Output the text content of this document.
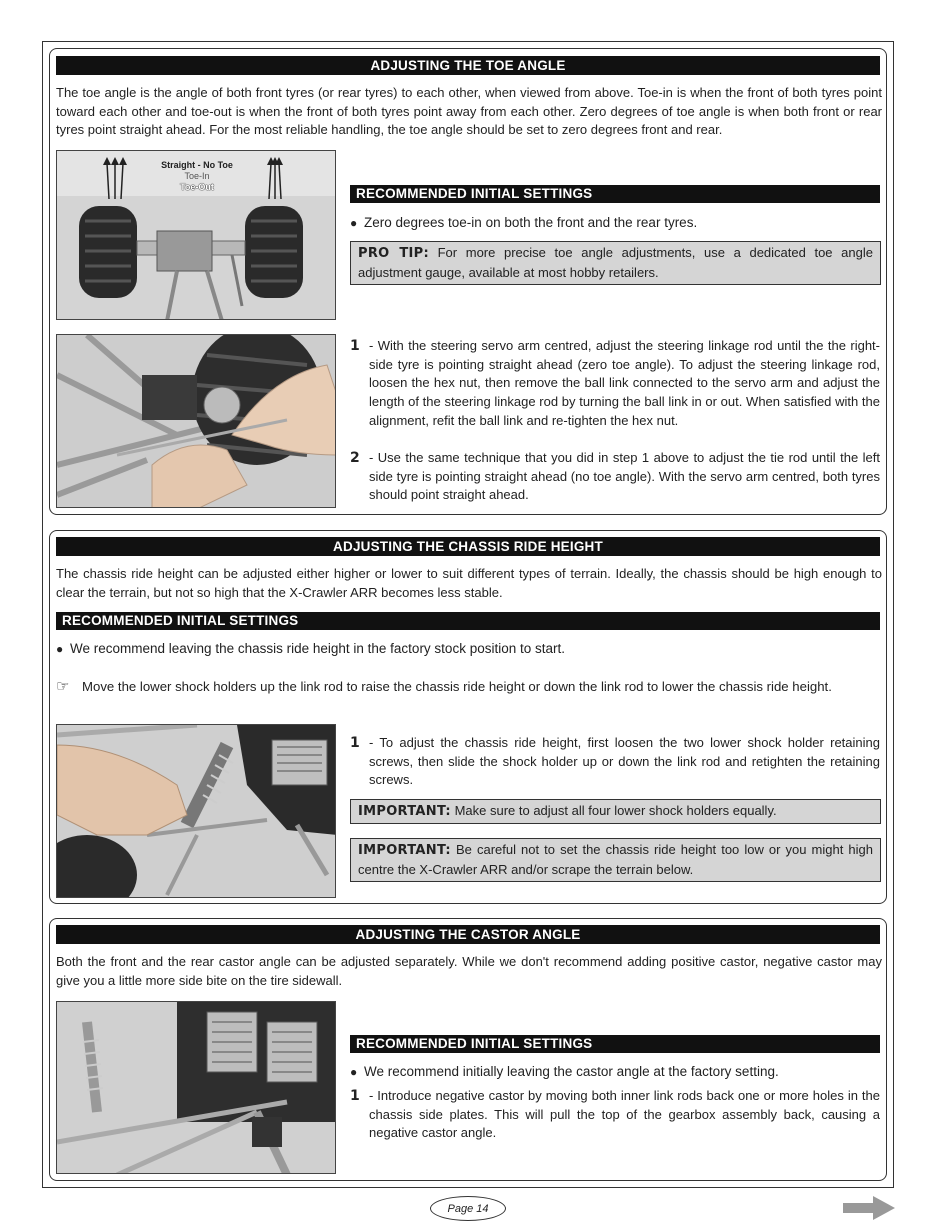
ADJUSTING THE TOE ANGLE
The toe angle is the angle of both front tyres (or rear tyres) to each other, when viewed from above. Toe-in is when the front of both tyres point toward each other and toe-out is when the front of both tyres point away from each other. Zero degrees of toe angle is when both front or rear tyres point straight ahead. For the most reliable handling, the toe angle should be set to zero degrees front and rear.
Straight - No Toe
Toe-In
Toe-Out	RECOMMENDED INITIAL SETTINGS
● Zero degrees toe-in on both the front and the rear tyres.
PRO TIP: For more precise toe angle adjustments, use a dedicated toe angle adjustment gauge, available at most hobby retailers.
1 - With the steering servo arm centred, adjust the steering linkage rod until the the right-side tyre is pointing straight ahead (zero toe angle). To adjust the steering linkage rod, loosen the hex nut, then remove the ball link connected to the servo arm and adjust the length of the steering linkage rod by turning the ball link in or out. When satisfied with the alignment, refit the ball link and re-tighten the hex nut.
2 - Use the same technique that you did in step 1 above to adjust the tie rod until the left side tyre is pointing straight ahead (no toe angle). With the servo arm centred, both tyres should point straight ahead.
ADJUSTING THE CHASSIS RIDE HEIGHT
The chassis ride height can be adjusted either higher or lower to suit different types of terrain. Ideally, the chassis should be high enough to clear the terrain, but not so high that the X-Crawler ARR becomes less stable.
RECOMMENDED INITIAL SETTINGS
● We recommend leaving the chassis ride height in the factory stock position to start.
☞ Move the lower shock holders up the link rod to raise the chassis ride height or down the link rod to lower the chassis ride height.
1 - To adjust the chassis ride height, first loosen the two lower shock holder retaining screws, then slide the shock holder up or down the link rod and retighten the retaining screws.
IMPORTANT: Make sure to adjust all four lower shock holders equally.
IMPORTANT: Be careful not to set the chassis ride height too low or you might high centre the X-Crawler ARR and/or scrape the terrain below.
ADJUSTING THE CASTOR ANGLE
Both the front and the rear castor angle can be adjusted separately. While we don't recommend adding positive castor, negative castor may give you a little more side bite on the tire sidewall.
RECOMMENDED INITIAL SETTINGS
● We recommend initially leaving the castor angle at the factory setting.
1 - Introduce negative castor by moving both inner link rods back one or more holes in the chassis side plates. This will pull the top of the gearbox assembly back, causing a negative castor angle.
Page 14
